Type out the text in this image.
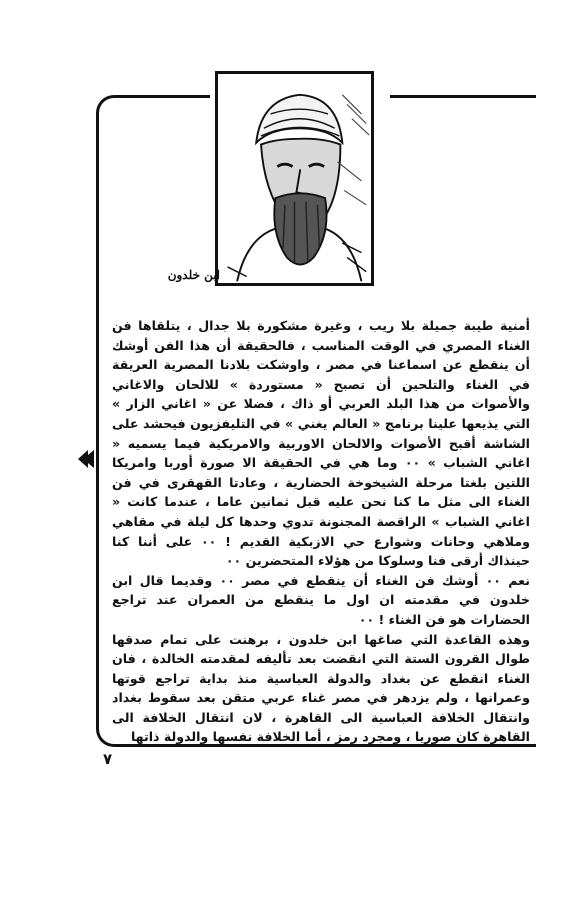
ابن خلدون

أمنية طيبة جميلة بلا ريب ، وغيرة مشكورة بلا جدال ، يتلقاها فن الغناء المصري في الوقت المناسب ، فالحقيقة أن هذا الفن أوشك أن ينقطع عن اسماعنا في مصر ، واوشكت بلادنا المصرية العريقة في الغناء والتلحين أن تصبح « مستوردة » للالحان والاغاني والأصوات من هذا البلد العربي أو ذاك ، فضلا عن « اغاني الزار » التي يذيعها علينا برنامج « العالم يغني » في التليفزيون فيحشد على الشاشة أقبح الأصوات والالحان الاوربية والامريكية فيما يسميه « اغاني الشباب » ٠٠ وما هي في الحقيقة الا صورة أوربا وامريكا اللتين بلغتا مرحلة الشيخوخة الحضارية ، وعادتا القهقرى في فن الغناء الى مثل ما كنا نحن عليه قبل ثمانين عاما ، عندما كانت « اغاني الشباب » الراقصة المجنونة تدوي وحدها كل ليلة في مقاهي وملاهي وحانات وشوارع حي الازبكية القديم ! ٠٠ على أننا كنا حينذاك أرقى فنا وسلوكا من هؤلاء المتحضرين ٠٠

نعم ٠٠ أوشك فن الغناء أن ينقطع في مصر ٠٠ وقديما قال ابن خلدون في مقدمته ان اول ما ينقطع من العمران عند تراجع الحضارات هو فن الغناء ! ٠٠

وهذه القاعدة التي صاغها ابن خلدون ، برهنت على تمام صدقها طوال القرون الستة التي انقضت بعد تأليفه لمقدمته الخالدة ، فان الغناء انقطع عن بغداد والدولة العباسية منذ بداية تراجع قوتها وعمرانها ، ولم يزدهر في مصر غناء عربي متقن بعد سقوط بغداد وانتقال الخلافة العباسية الى القاهرة ، لان انتقال الخلافة الى القاهرة كان صوريا ، ومجرد رمز ، أما الخلافة نفسها والدولة ذاتها

٧
